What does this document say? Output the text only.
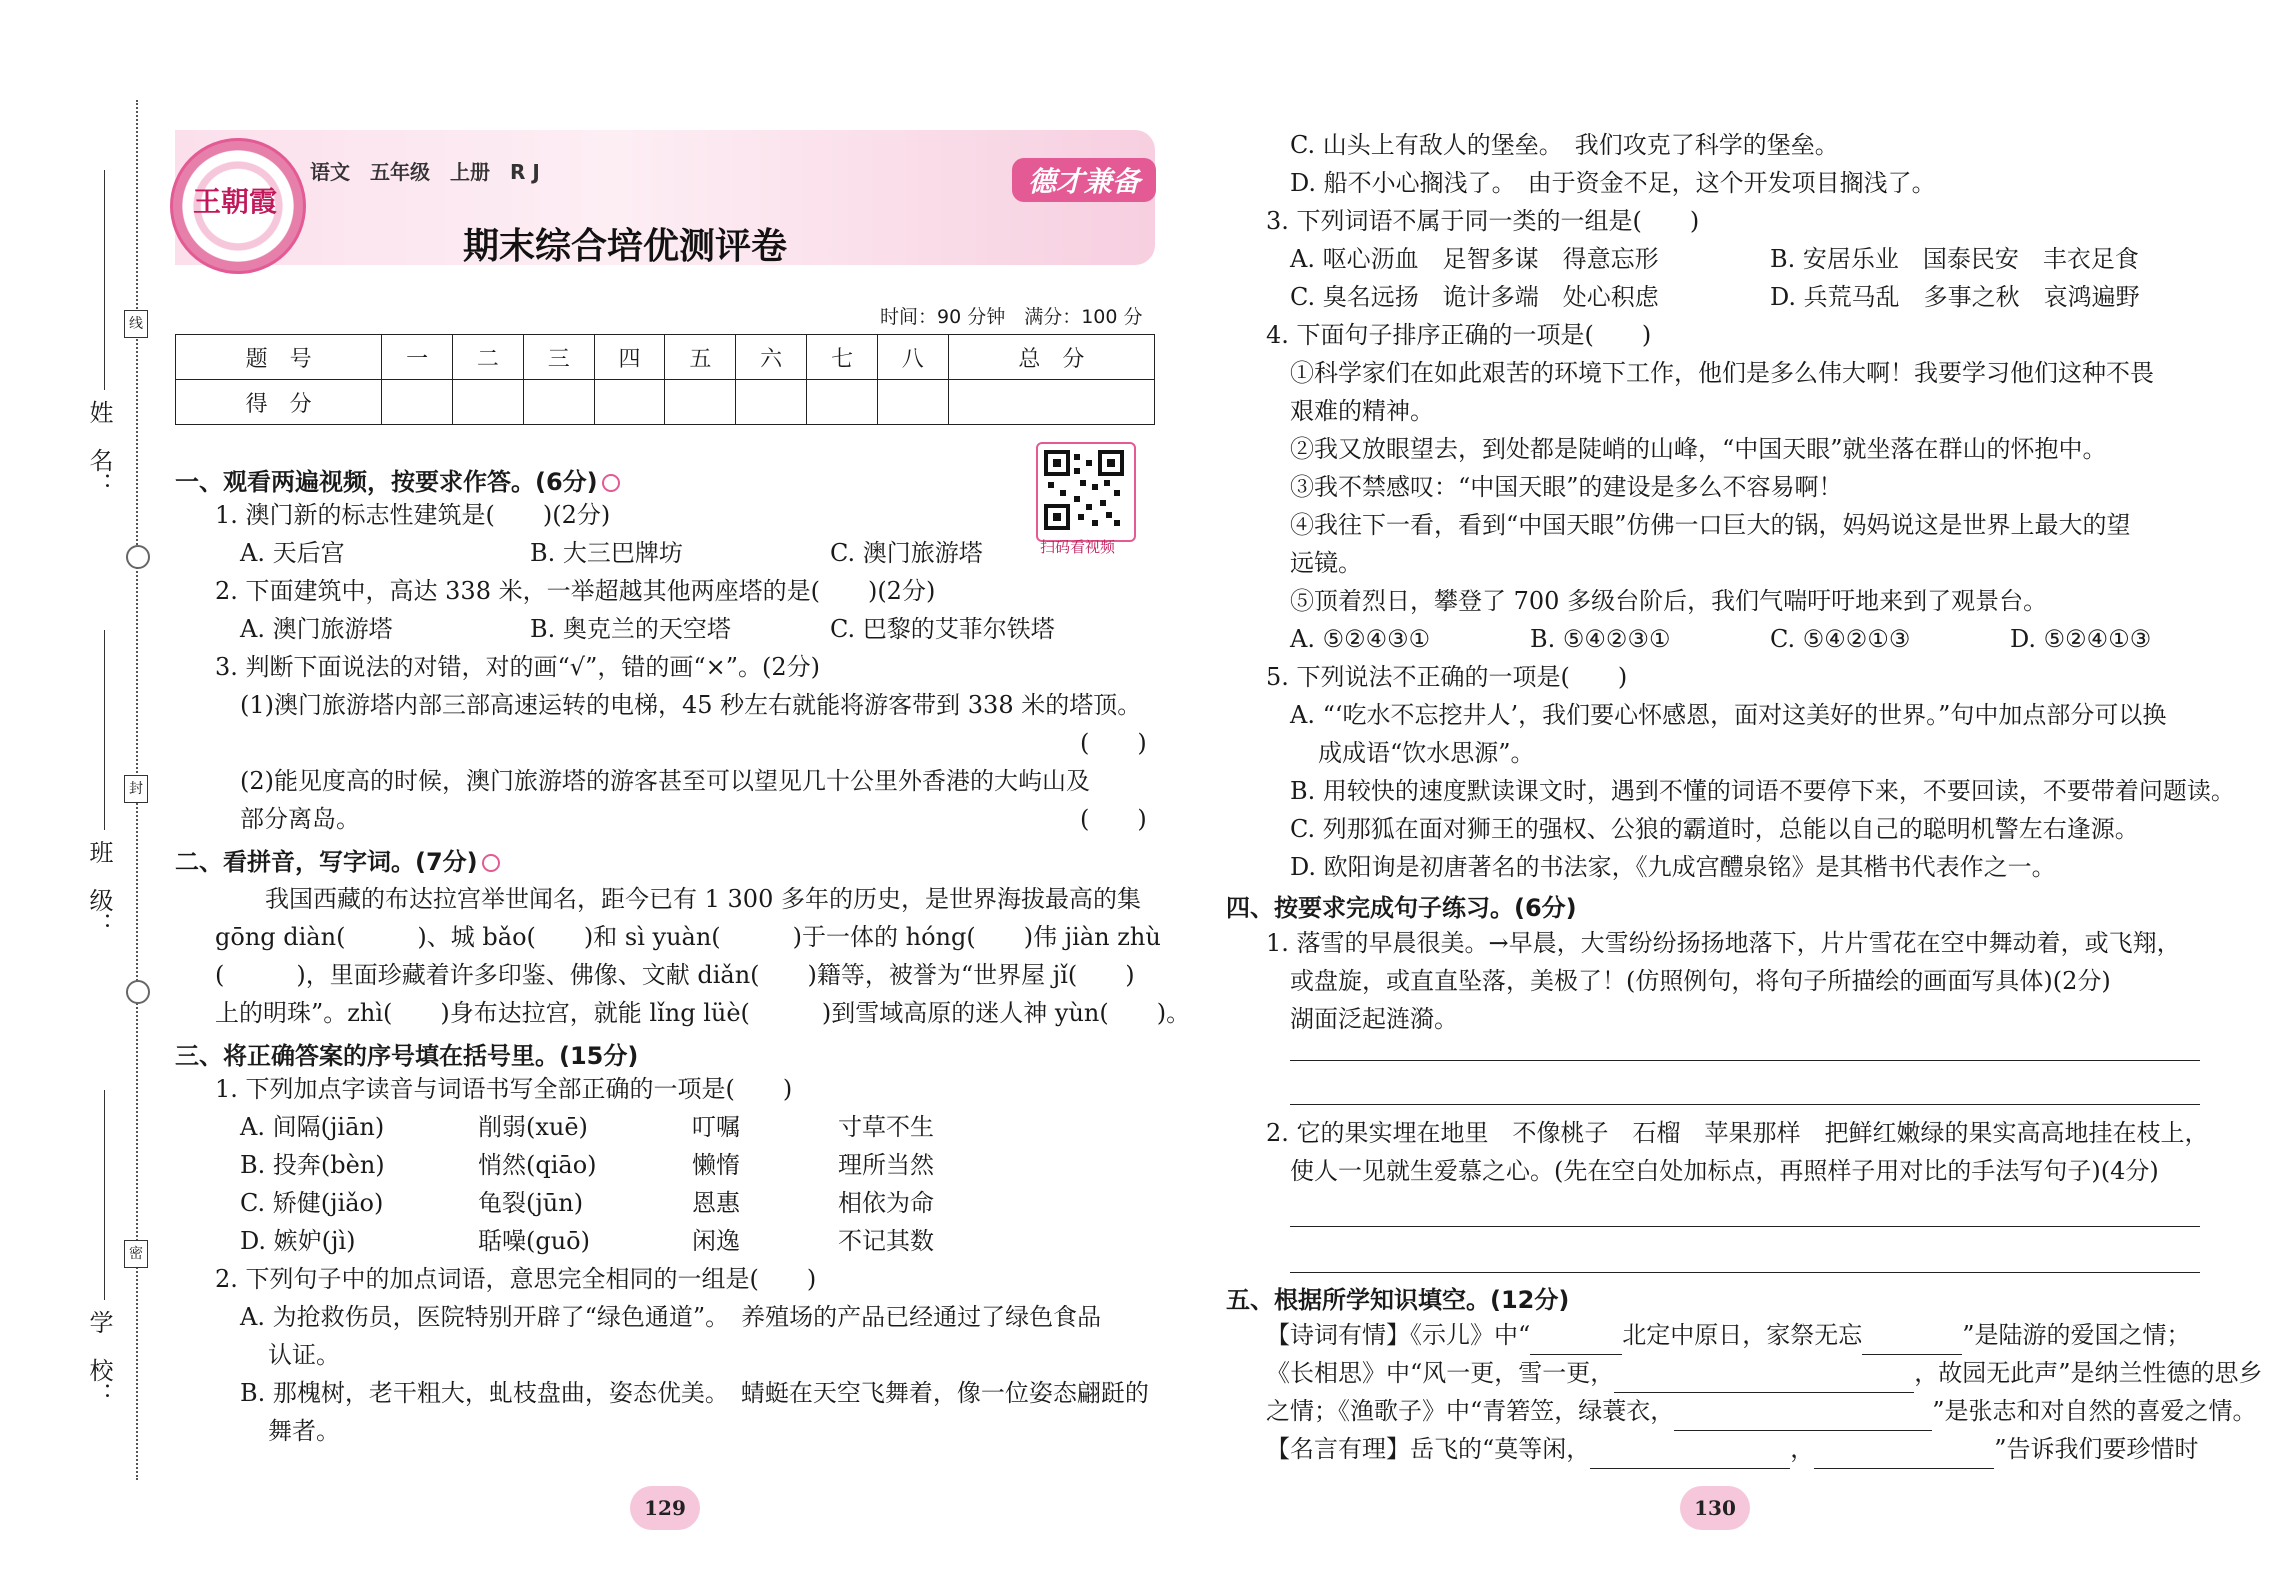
姓　名：
班　级：
学　校：
线
封
密
王朝霞
语文　五年级　上册　R J	德才兼备
期末综合培优测评卷
时间：90 分钟　满分：100 分
题　号	一	二	三	四	五	六	七	八	总　分
得　分									
扫码看视频
一、观看两遍视频，按要求作答。(6分)
1. 澳门新的标志性建筑是(　　)(2分)
A. 天后宫	B. 大三巴牌坊	C. 澳门旅游塔
2. 下面建筑中，高达 338 米，一举超越其他两座塔的是(　　)(2分)
A. 澳门旅游塔	B. 奥克兰的天空塔	C. 巴黎的艾菲尔铁塔
3. 判断下面说法的对错，对的画“√”，错的画“×”。(2分)
(1)澳门旅游塔内部三部高速运转的电梯，45 秒左右就能将游客带到 338 米的塔顶。
(　　)
(2)能见度高的时候，澳门旅游塔的游客甚至可以望见几十公里外香港的大屿山及
部分离岛。	(　　)
二、看拼音，写字词。(7分)
我国西藏的布达拉宫举世闻名，距今已有 1 300 多年的历史，是世界海拔最高的集
gōng diàn(　　　)、城 bǎo(　　)和 sì yuàn(　　　)于一体的 hóng(　　)伟 jiàn zhù
(　　　)，里面珍藏着许多印鉴、佛像、文献 diǎn(　　)籍等，被誉为“世界屋 jǐ(　　)
上的明珠”。zhì(　　)身布达拉宫，就能 lǐng lüè(　　　)到雪域高原的迷人神 yùn(　　)。
三、将正确答案的序号填在括号里。(15分)
1. 下列加点字读音与词语书写全部正确的一项是(　　)
A. 间隔(jiān)	削弱(xuē)	叮嘱	寸草不生
B. 投奔(bèn)	悄然(qiāo)	懒惰	理所当然
C. 矫健(jiǎo)	龟裂(jūn)	恩惠	相依为命
D. 嫉妒(jì)	聒噪(guō)	闲逸	不记其数
2. 下列句子中的加点词语，意思完全相同的一组是(　　)
A. 为抢救伤员，医院特别开辟了“绿色通道”。　养殖场的产品已经通过了绿色食品
认证。
B. 那槐树，老干粗大，虬枝盘曲，姿态优美。　蜻蜓在天空飞舞着，像一位姿态翩跹的
舞者。
129
C. 山头上有敌人的堡垒。　我们攻克了科学的堡垒。
D. 船不小心搁浅了。　由于资金不足，这个开发项目搁浅了。
3. 下列词语不属于同一类的一组是(　　)
A. 呕心沥血　足智多谋　得意忘形	B. 安居乐业　国泰民安　丰衣足食
C. 臭名远扬　诡计多端　处心积虑	D. 兵荒马乱　多事之秋　哀鸿遍野
4. 下面句子排序正确的一项是(　　)
①科学家们在如此艰苦的环境下工作，他们是多么伟大啊！我要学习他们这种不畏
艰难的精神。
②我又放眼望去，到处都是陡峭的山峰，“中国天眼”就坐落在群山的怀抱中。
③我不禁感叹：“中国天眼”的建设是多么不容易啊！
④我往下一看，看到“中国天眼”仿佛一口巨大的锅，妈妈说这是世界上最大的望
远镜。
⑤顶着烈日，攀登了 700 多级台阶后，我们气喘吁吁地来到了观景台。
A. ⑤②④③①	B. ⑤④②③①	C. ⑤④②①③	D. ⑤②④①③
5. 下列说法不正确的一项是(　　)
A. “‘吃水不忘挖井人’，我们要心怀感恩，面对这美好的世界。”句中加点部分可以换
成成语“饮水思源”。
B. 用较快的速度默读课文时，遇到不懂的词语不要停下来，不要回读，不要带着问题读。
C. 列那狐在面对狮王的强权、公狼的霸道时，总能以自己的聪明机警左右逢源。
D. 欧阳询是初唐著名的书法家，《九成宫醴泉铭》是其楷书代表作之一。
四、按要求完成句子练习。(6分)
1. 落雪的早晨很美。→早晨，大雪纷纷扬扬地落下，片片雪花在空中舞动着，或飞翔，
或盘旋，或直直坠落，美极了！(仿照例句，将句子所描绘的画面写具体)(2分)
湖面泛起涟漪。
2. 它的果实埋在地里　不像桃子　石榴　苹果那样　把鲜红嫩绿的果实高高地挂在枝上，
使人一见就生爱慕之心。(先在空白处加标点，再照样子用对比的手法写句子)(4分)
五、根据所学知识填空。(12分)
【诗词有情】《示儿》中“	北定中原日，家祭无忘	”是陆游的爱国之情；
《长相思》中“风一更，雪一更，	，故园无此声”是纳兰性德的思乡
之情；《渔歌子》中“青箬笠，绿蓑衣，	”是张志和对自然的喜爱之情。
【名言有理】岳飞的“莫等闲，	，	”告诉我们要珍惜时
130
